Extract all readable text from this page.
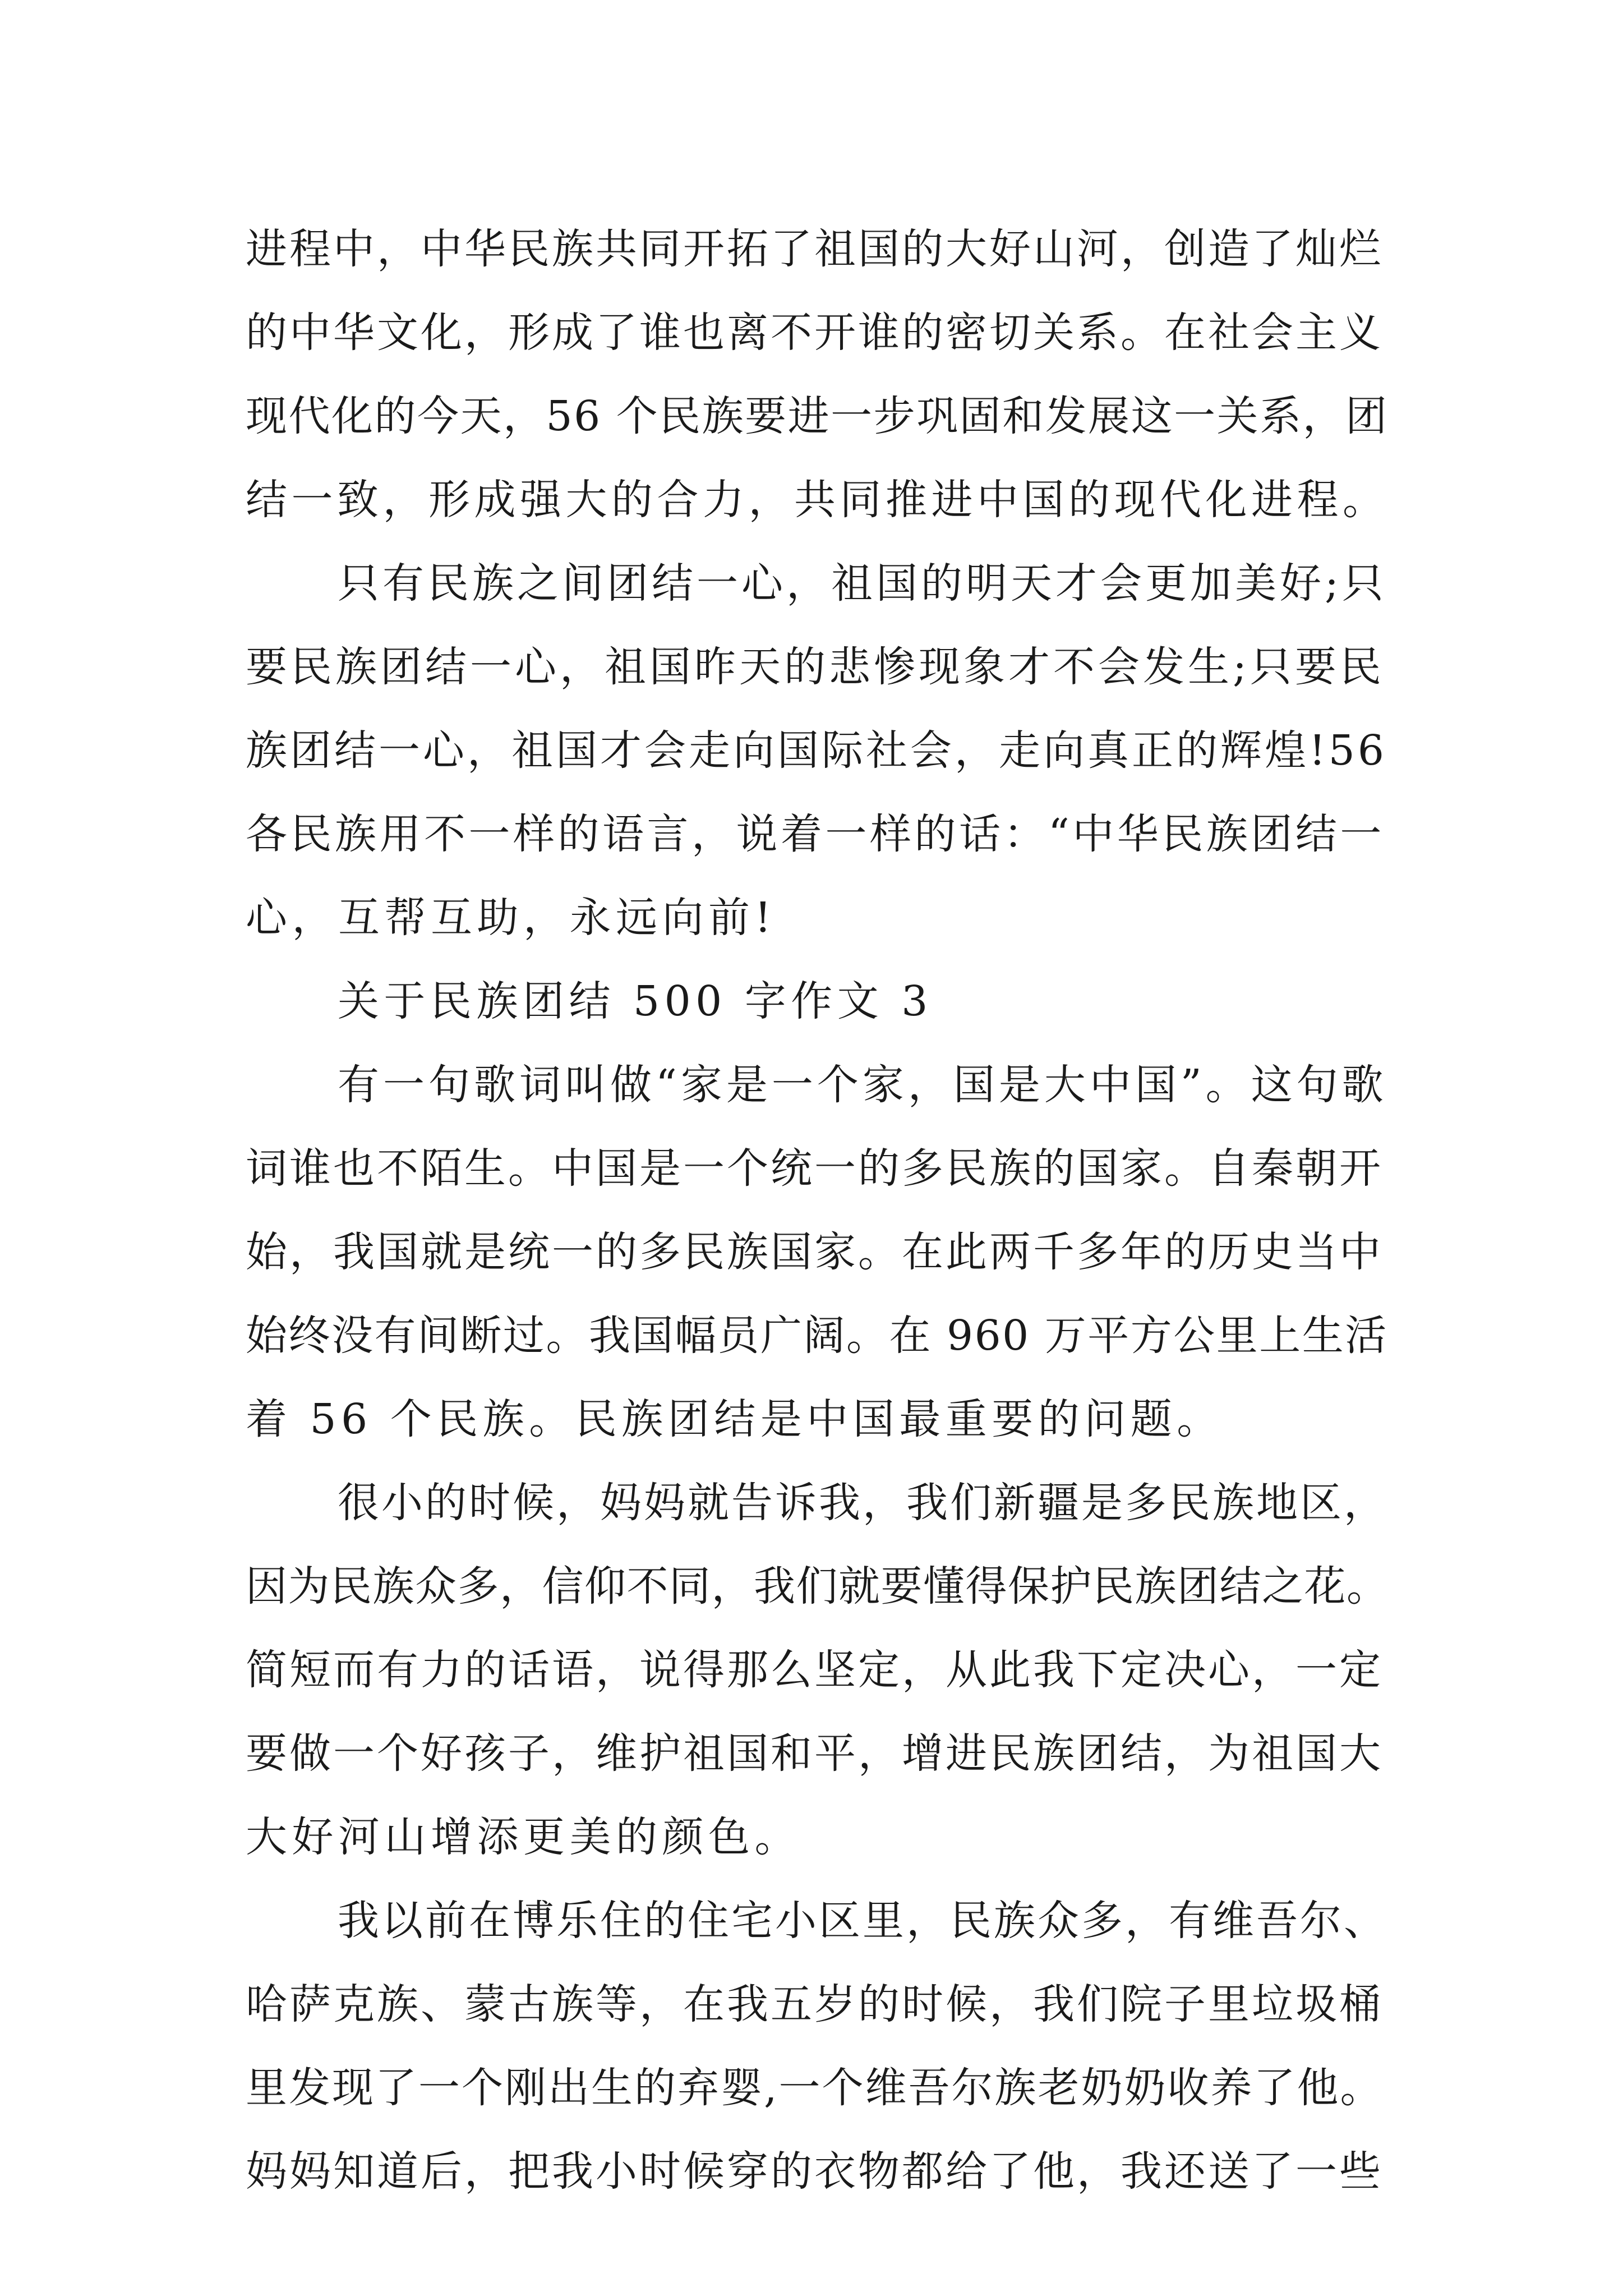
进程中，中华民族共同开拓了祖国的大好山河，创造了灿烂
的中华文化，形成了谁也离不开谁的密切关系。在社会主义
现代化的今天，56 个民族要进一步巩固和发展这一关系，团
结一致，形成强大的合力，共同推进中国的现代化进程。
只有民族之间团结一心，祖国的明天才会更加美好;只
要民族团结一心，祖国昨天的悲惨现象才不会发生;只要民
族团结一心，祖国才会走向国际社会，走向真正的辉煌!56
各民族用不一样的语言，说着一样的话：“中华民族团结一
心，互帮互助，永远向前!
关于民族团结 500 字作文 3
有一句歌词叫做“家是一个家，国是大中国”。这句歌
词谁也不陌生。中国是一个统一的多民族的国家。自秦朝开
始，我国就是统一的多民族国家。在此两千多年的历史当中
始终没有间断过。我国幅员广阔。在 960 万平方公里上生活
着 56 个民族。民族团结是中国最重要的问题。
很小的时候，妈妈就告诉我，我们新疆是多民族地区，
因为民族众多，信仰不同，我们就要懂得保护民族团结之花。
简短而有力的话语，说得那么坚定，从此我下定决心，一定
要做一个好孩子，维护祖国和平，增进民族团结，为祖国大
大好河山增添更美的颜色。
我以前在博乐住的住宅小区里，民族众多，有维吾尔、
哈萨克族、蒙古族等，在我五岁的时候，我们院子里垃圾桶
里发现了一个刚出生的弃婴,一个维吾尔族老奶奶收养了他。
妈妈知道后，把我小时候穿的衣物都给了他，我还送了一些
